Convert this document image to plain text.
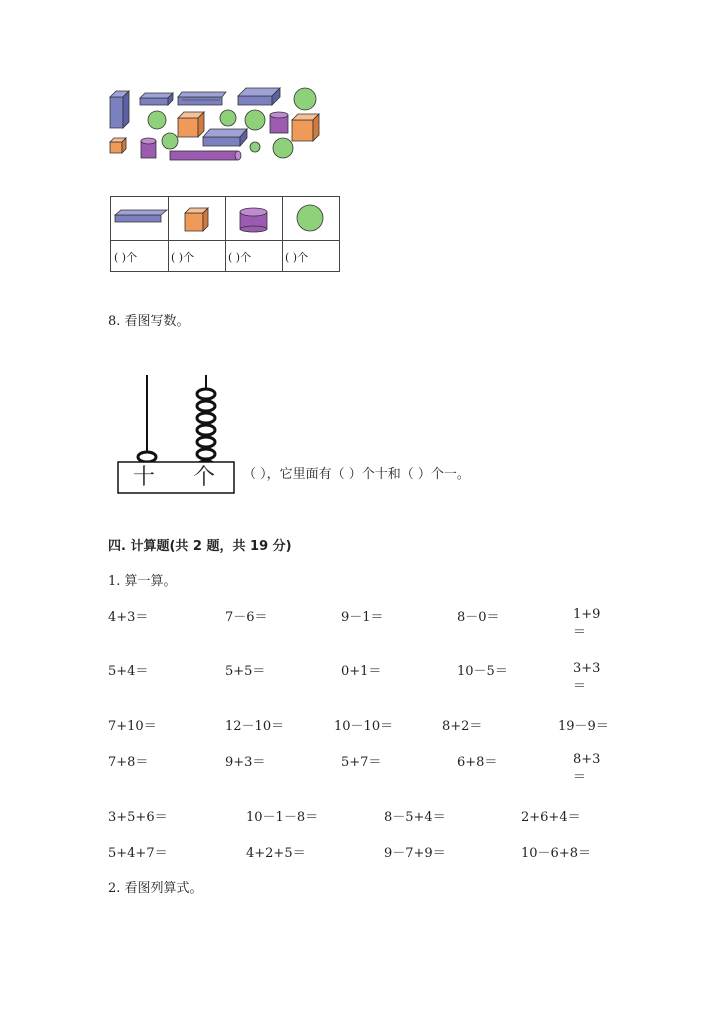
( )个	( )个	( )个	( )个
8. 看图写数。
十 个 （ ），它里面有（ ）个十和（ ）个一。
四. 计算题(共 2 题，共 19 分)
1. 算一算。
4+3＝	7－6＝	9－1＝	8－0＝	1+9＝
5+4＝	5+5＝	0+1＝	10－5＝	3+3＝
7+10＝	12－10＝	10－10＝	8+2＝	19－9＝
7+8＝	9+3＝	5+7＝	6+8＝	8+3＝
3+5+6＝	10－1－8＝	8－5+4＝	2+6+4＝
5+4+7＝	4+2+5＝	9－7+9＝	10－6+8＝
2. 看图列算式。
